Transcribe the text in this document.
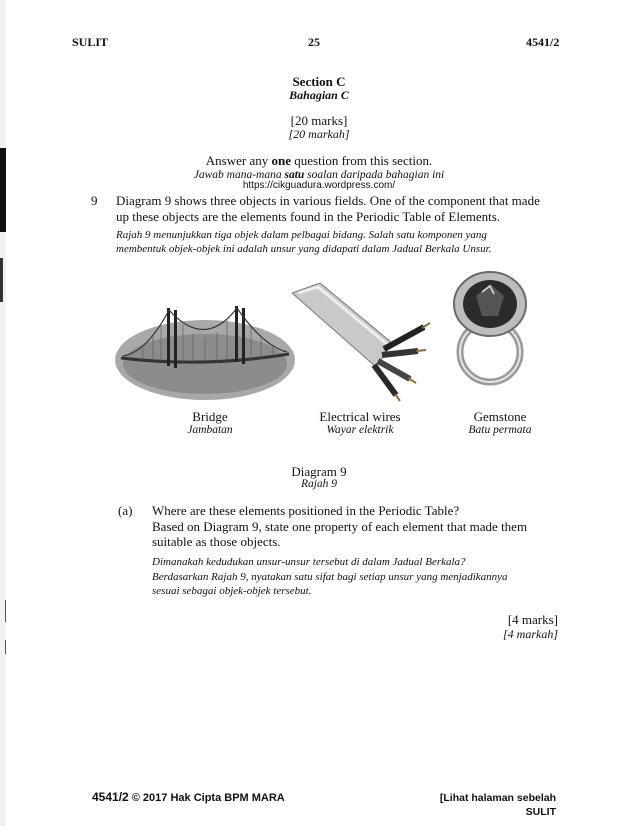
SULIT	25	4541/2
Section C
Bahagian C
[20 marks]
[20 markah]
Answer any one question from this section.
Jawab mana-mana satu soalan daripada bahagian ini
https://cikguadura.wordpress.com/
9 Diagram 9 shows three objects in various fields. One of the component that made

up these objects are the elements found in the Periodic Table of Elements.

Rajah 9 menunjukkan tiga objek dalam pelbagai bidang. Salah satu komponen yang

membentuk objek-objek ini adalah unsur yang didapati dalam Jadual Berkala Unsur.

Bridge
Jambatan
Electrical wires
Wayar elektrik
Gemstone
Batu permata
Diagram 9
Rajah 9
(a) Where are these elements positioned in the Periodic Table?

Based on Diagram 9, state one property of each element that made them

suitable as those objects.

Dimanakah kedudukan unsur-unsur tersebut di dalam Jadual Berkala?

Berdasarkan Rajah 9, nyatakan satu sifat bagi setiap unsur yang menjadikannya

sesuai sebagai objek-objek tersebut.

[4 marks]
[4 markah]
4541/2 © 2017 Hak Cipta BPM MARA	[Lihat halaman sebelah

SULIT
